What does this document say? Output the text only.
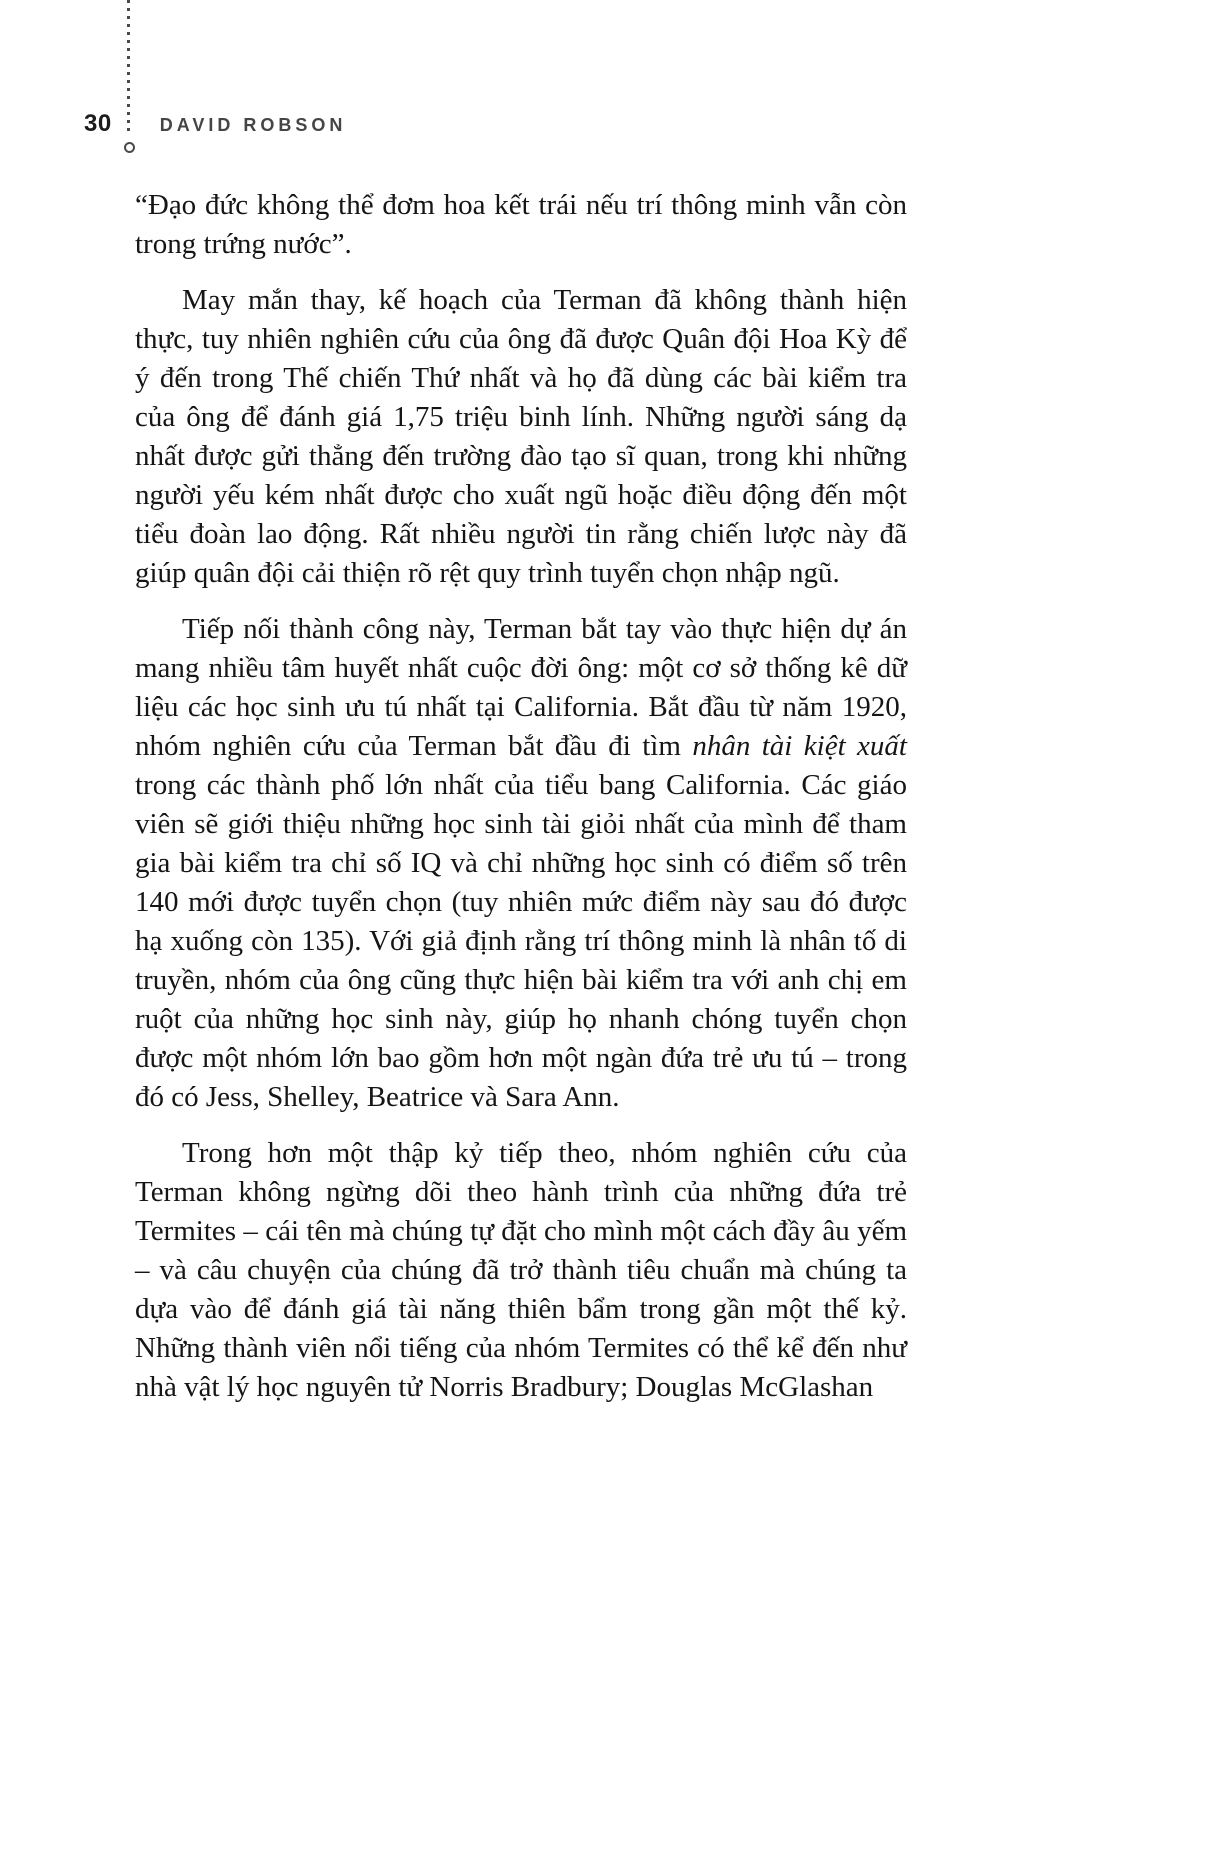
30	DAVID ROBSON

“Đạo đức không thể đơm hoa kết trái nếu trí thông minh vẫn còn trong trứng nước”.

May mắn thay, kế hoạch của Terman đã không thành hiện thực, tuy nhiên nghiên cứu của ông đã được Quân đội Hoa Kỳ để ý đến trong Thế chiến Thứ nhất và họ đã dùng các bài kiểm tra của ông để đánh giá 1,75 triệu binh lính. Những người sáng dạ nhất được gửi thẳng đến trường đào tạo sĩ quan, trong khi những người yếu kém nhất được cho xuất ngũ hoặc điều động đến một tiểu đoàn lao động. Rất nhiều người tin rằng chiến lược này đã giúp quân đội cải thiện rõ rệt quy trình tuyển chọn nhập ngũ.

Tiếp nối thành công này, Terman bắt tay vào thực hiện dự án mang nhiều tâm huyết nhất cuộc đời ông: một cơ sở thống kê dữ liệu các học sinh ưu tú nhất tại California. Bắt đầu từ năm 1920, nhóm nghiên cứu của Terman bắt đầu đi tìm nhân tài kiệt xuất trong các thành phố lớn nhất của tiểu bang California. Các giáo viên sẽ giới thiệu những học sinh tài giỏi nhất của mình để tham gia bài kiểm tra chỉ số IQ và chỉ những học sinh có điểm số trên 140 mới được tuyển chọn (tuy nhiên mức điểm này sau đó được hạ xuống còn 135). Với giả định rằng trí thông minh là nhân tố di truyền, nhóm của ông cũng thực hiện bài kiểm tra với anh chị em ruột của những học sinh này, giúp họ nhanh chóng tuyển chọn được một nhóm lớn bao gồm hơn một ngàn đứa trẻ ưu tú – trong đó có Jess, Shelley, Beatrice và Sara Ann.

Trong hơn một thập kỷ tiếp theo, nhóm nghiên cứu của Terman không ngừng dõi theo hành trình của những đứa trẻ Termites – cái tên mà chúng tự đặt cho mình một cách đầy âu yếm – và câu chuyện của chúng đã trở thành tiêu chuẩn mà chúng ta dựa vào để đánh giá tài năng thiên bẩm trong gần một thế kỷ. Những thành viên nổi tiếng của nhóm Termites có thể kể đến như nhà vật lý học nguyên tử Norris Bradbury; Douglas McGlashan
